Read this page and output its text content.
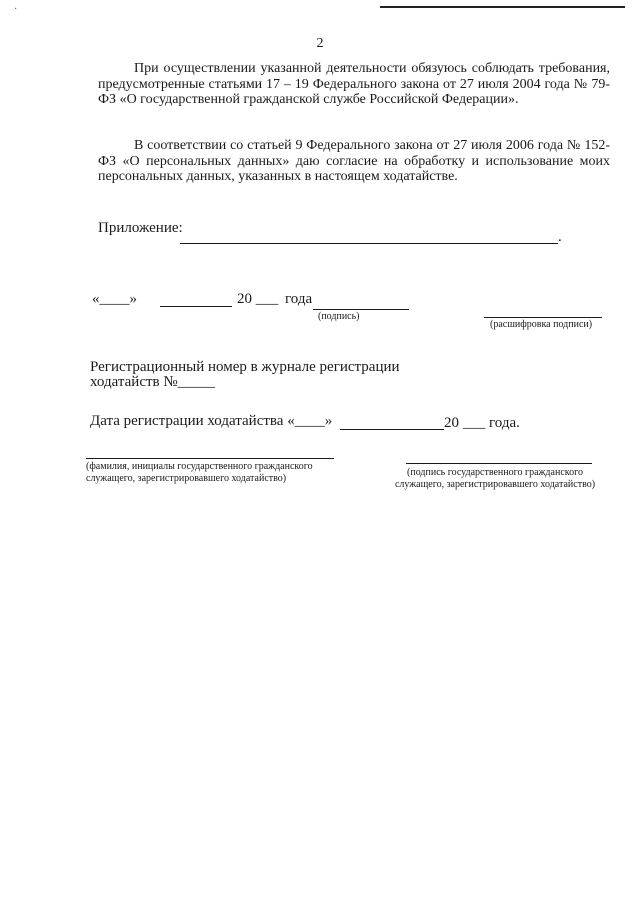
·
2
При осуществлении указанной деятельности обязуюсь соблюдать требования, предусмотренные статьями 17 – 19 Федерального закона от 27 июля 2004 года № 79-ФЗ «О государственной гражданской службе Российской Федерации».
В соответствии со статьей 9 Федерального закона от 27 июля 2006 года № 152-ФЗ «О персональных данных» даю согласие на обработку и использование моих персональных данных, указанных в настоящем ходатайстве.
Приложение:
.
«____»	20 ___ года
(подпись)
(расшифровка подписи)
Регистрационный номер в журнале регистрации
ходатайств №_____
Дата регистрации ходатайства «____»	20 ___ года.
(фамилия, инициалы государственного гражданского служащего, зарегистрировавшего ходатайство)
(подпись государственного гражданского служащего, зарегистрировавшего ходатайство)
